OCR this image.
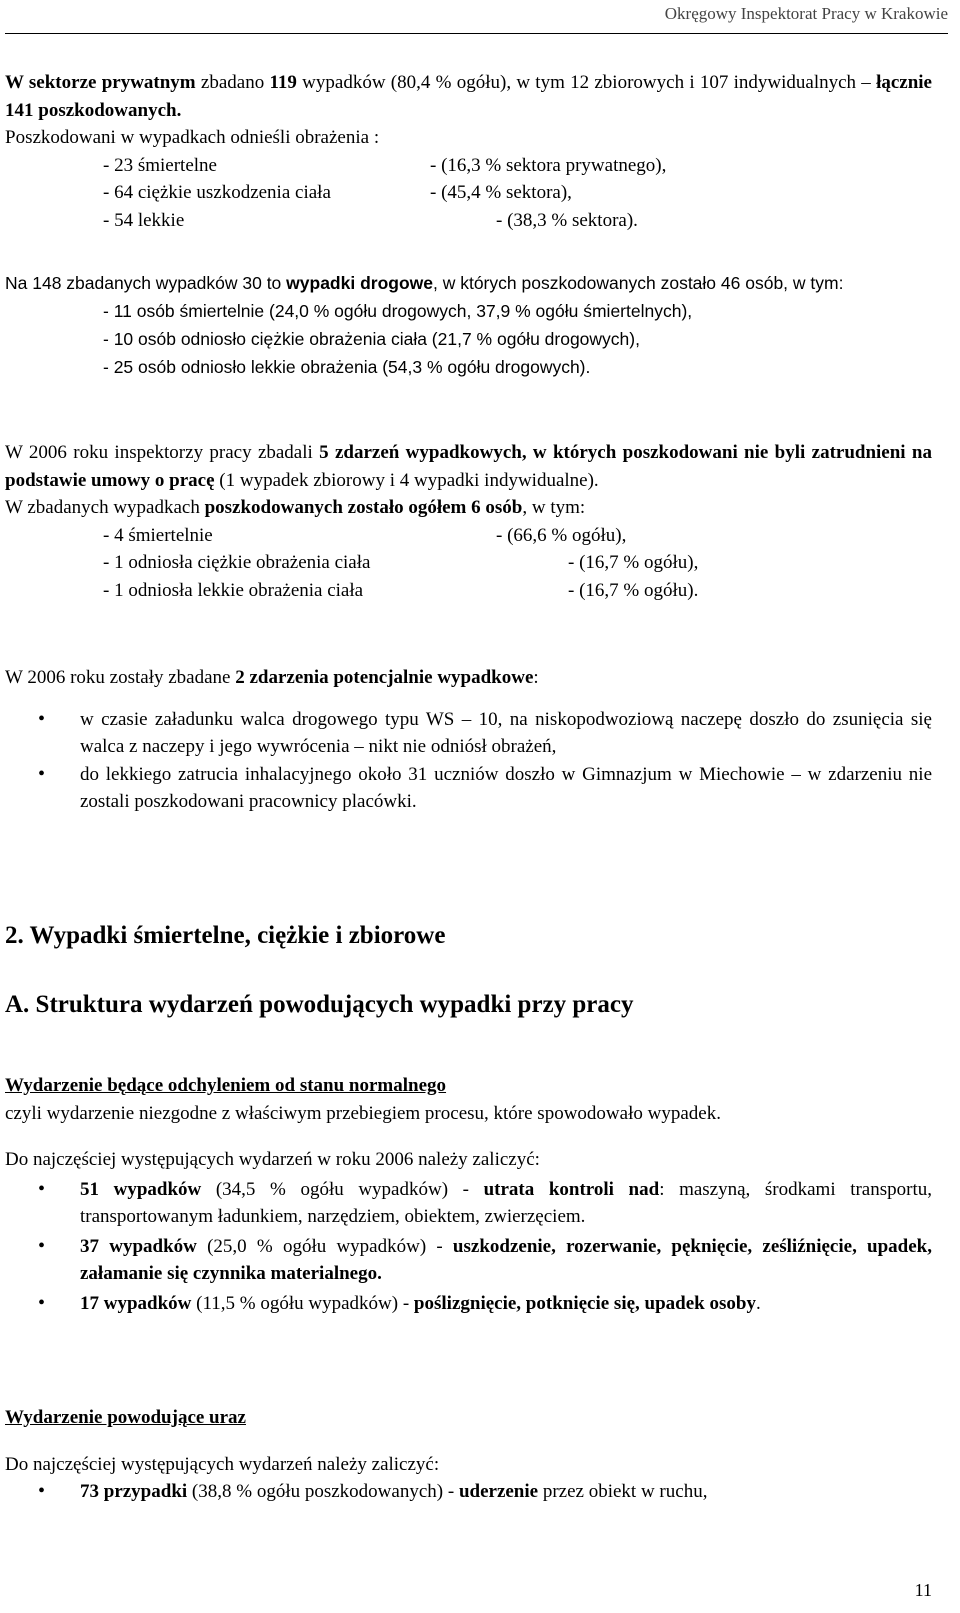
Okręgowy Inspektorat Pracy w Krakowie

W sektorze prywatnym zbadano 119 wypadków (80,4 % ogółu), w tym 12 zbiorowych i 107 indywidualnych – łącznie 141 poszkodowanych.

Poszkodowani w wypadkach odnieśli obrażenia :

- 23 śmiertelne	- (16,3 % sektora prywatnego),
- 64 ciężkie uszkodzenia ciała	- (45,4 % sektora),
- 54 lekkie	- (38,3 % sektora).

Na 148 zbadanych wypadków 30 to wypadki drogowe, w których poszkodowanych zostało 46 osób, w tym:

- 11 osób śmiertelnie (24,0 % ogółu drogowych, 37,9 % ogółu śmiertelnych),

- 10 osób odniosło ciężkie obrażenia ciała (21,7 % ogółu drogowych),

- 25 osób odniosło lekkie obrażenia (54,3 % ogółu drogowych).

W 2006 roku inspektorzy pracy zbadali 5 zdarzeń wypadkowych, w których poszkodowani nie byli zatrudnieni na podstawie umowy o pracę (1 wypadek zbiorowy i 4 wypadki indywidualne).

W zbadanych wypadkach poszkodowanych zostało ogółem 6 osób, w tym:

- 4 śmiertelnie	- (66,6 % ogółu),
- 1 odniosła ciężkie obrażenia ciała	- (16,7 % ogółu),
- 1 odniosła lekkie obrażenia ciała	- (16,7 % ogółu).

W 2006 roku zostały zbadane 2 zdarzenia potencjalnie wypadkowe:

• w czasie załadunku walca drogowego typu WS – 10, na niskopodwoziową naczepę doszło do zsunięcia się walca z naczepy i jego wywrócenia – nikt nie odniósł obrażeń,
• do lekkiego zatrucia inhalacyjnego około 31 uczniów doszło w Gimnazjum w Miechowie – w zdarzeniu nie zostali poszkodowani pracownicy placówki.
2. Wypadki śmiertelne, ciężkie i zbiorowe
A. Struktura wydarzeń powodujących wypadki przy pracy

Wydarzenie będące odchyleniem od stanu normalnego

czyli wydarzenie niezgodne z właściwym przebiegiem procesu, które spowodowało wypadek.

Do najczęściej występujących wydarzeń w roku 2006 należy zaliczyć:

• 51 wypadków (34,5 % ogółu wypadków) - utrata kontroli nad: maszyną, środkami transportu, transportowanym ładunkiem, narzędziem, obiektem, zwierzęciem.
• 37 wypadków (25,0 % ogółu wypadków) - uszkodzenie, rozerwanie, pęknięcie, ześliźnięcie, upadek, załamanie się czynnika materialnego.
• 17 wypadków (11,5 % ogółu wypadków) - poślizgnięcie, potknięcie się, upadek osoby.

Wydarzenie powodujące uraz

Do najczęściej występujących wydarzeń należy zaliczyć:

• 73 przypadki (38,8 % ogółu poszkodowanych) - uderzenie przez obiekt w ruchu,
11
